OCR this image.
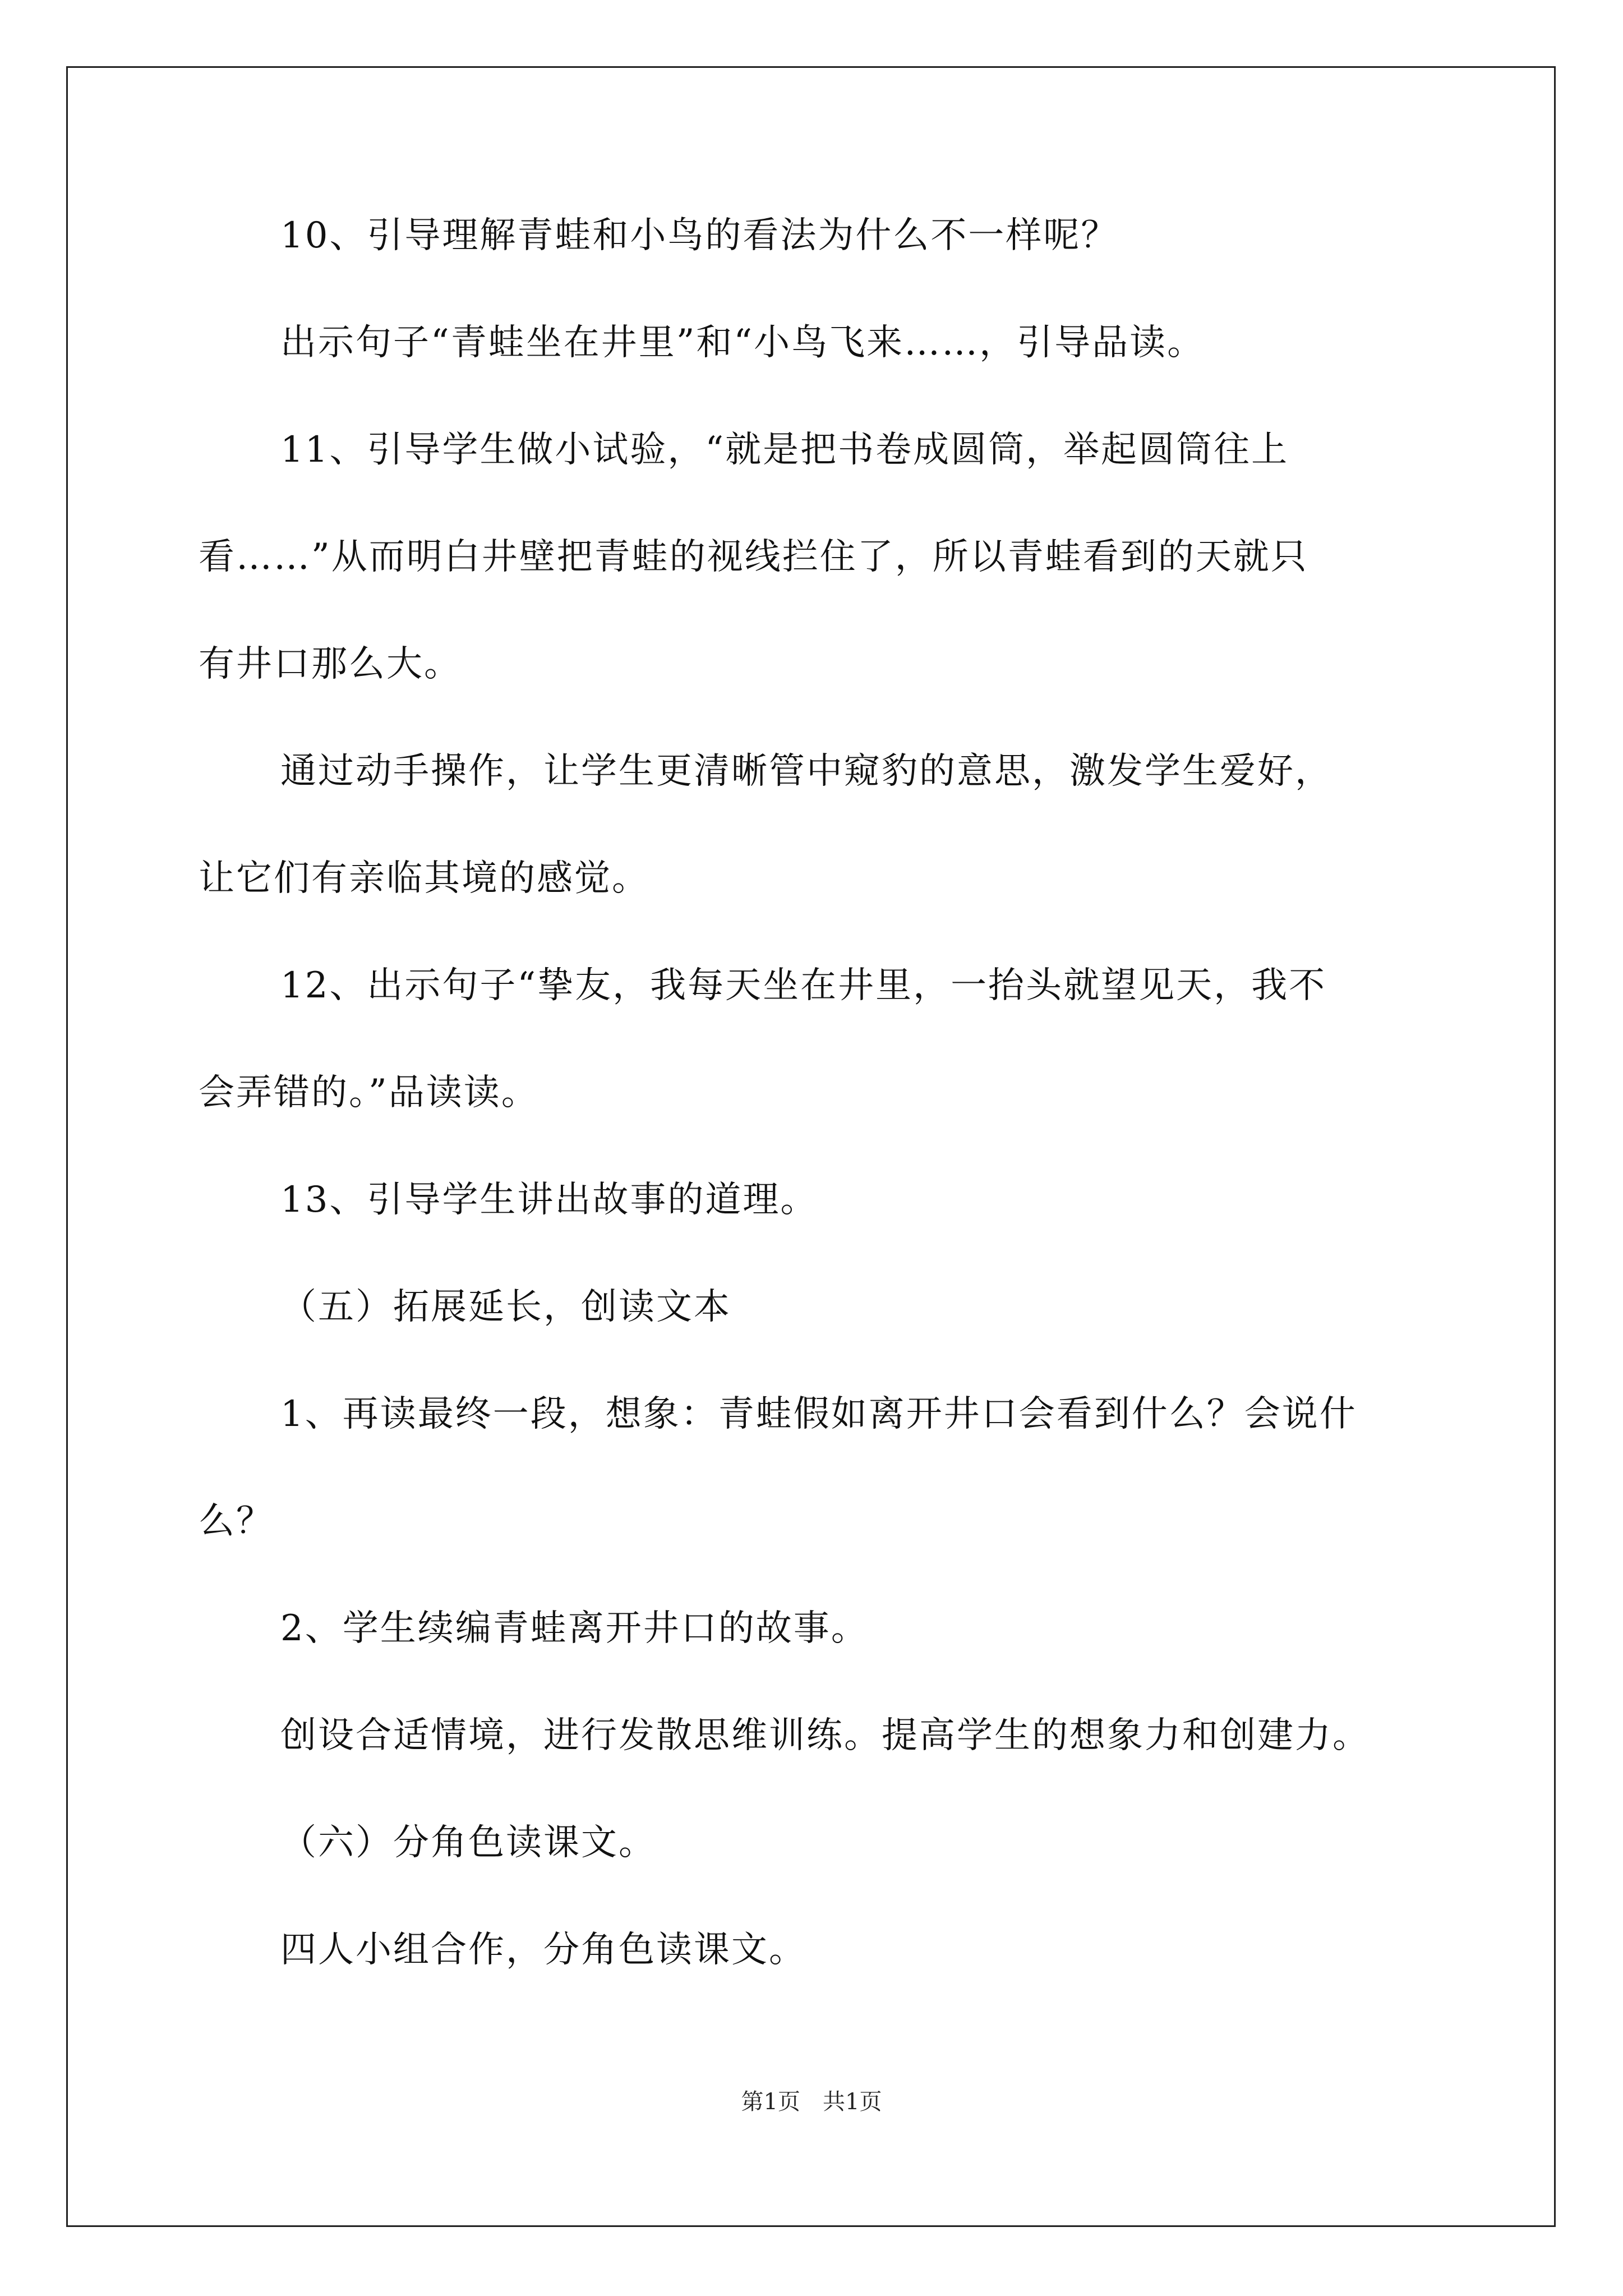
10、引导理解青蛙和小鸟的看法为什么不一样呢？
出示句子“青蛙坐在井里”和“小鸟飞来……，引导品读。
11、引导学生做小试验，“就是把书卷成圆筒，举起圆筒往上
看……”从而明白井壁把青蛙的视线拦住了，所以青蛙看到的天就只
有井口那么大。
通过动手操作，让学生更清晰管中窥豹的意思，激发学生爱好，
让它们有亲临其境的感觉。
12、出示句子“挚友，我每天坐在井里，一抬头就望见天，我不
会弄错的。”品读读。
13、引导学生讲出故事的道理。
（五）拓展延长，创读文本
1、再读最终一段，想象：青蛙假如离开井口会看到什么？会说什
么？
2、学生续编青蛙离开井口的故事。
创设合适情境，进行发散思维训练。提高学生的想象力和创建力。
（六）分角色读课文。
四人小组合作，分角色读课文。
第1页　共1页
